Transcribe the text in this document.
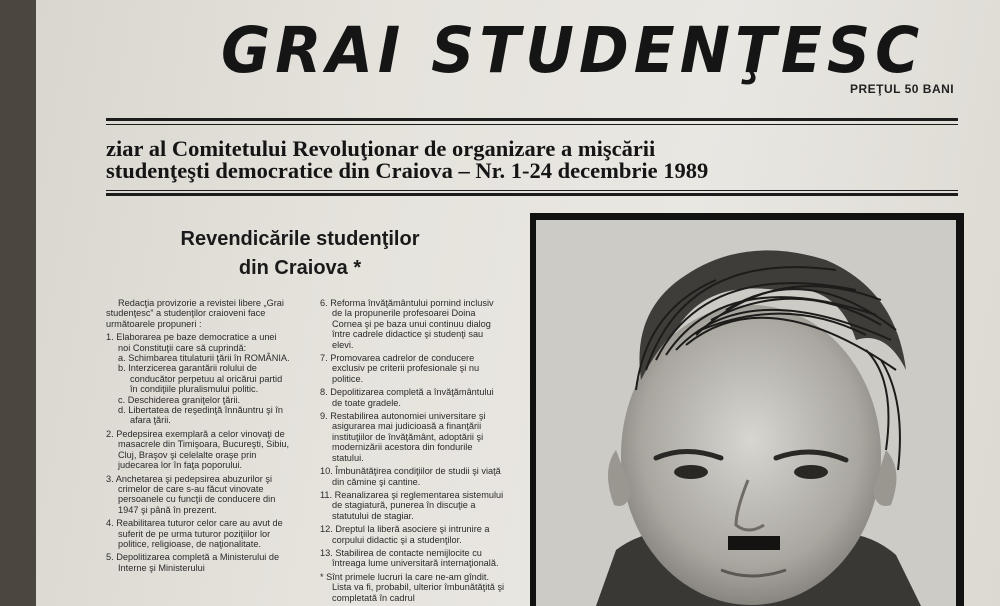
GRAI STUDENŢESC
PREŢUL 50 BANI
ziar al Comitetului Revoluţionar de organizare a mişcării
studenţeşti democratice din Craiova – Nr. 1-24 decembrie 1989
Revendicările studenţilor
din Craiova *

Redacţia provizorie a revistei libere „Grai studenţesc” a studenţilor craioveni face următoarele propuneri :

1. Elaborarea pe baze democratice a unei noi Constituţii care să cuprindă:

a. Schimbarea titulaturii ţării în ROMÂNIA.

b. Interzicerea garantării rolului de conducător perpetuu al oricărui partid în condiţiile pluralismului politic.

c. Deschiderea graniţelor ţării.

d. Libertatea de reşedinţă înnăuntru şi în afara ţării.

2. Pedepsirea exemplară a celor vinovaţi de masacrele din Timişoara, Bucureşti, Sibiu, Cluj, Braşov şi celelalte oraşe prin judecarea lor în faţa poporului.

3. Anchetarea şi pedepsirea abuzurilor şi crimelor de care s-au făcut vinovate persoanele cu funcţii de conducere din 1947 şi până în prezent.

4. Reabilitarea tuturor celor care au avut de suferit de pe urma tuturor poziţiilor lor politice, religioase, de naţionalitate.

5. Depolitizarea completă a Ministerului de Interne şi Ministerului

6. Reforma învăţământului pornind inclusiv de la propunerile profesoarei Doina Cornea şi pe baza unui continuu dialog între cadrele didactice şi studenţi sau elevi.

7. Promovarea cadrelor de conducere exclusiv pe criterii profesionale şi nu politice.

8. Depolitizarea completă a învăţământului de toate gradele.

9. Restabilirea autonomiei universitare şi asigurarea mai judicioasă a finanţării instituţiilor de învăţământ, adoptării şi modernizării acestora din fondurile statului.

10. Îmbunătăţirea condiţiilor de studii şi viaţă din cămine şi cantine.

11. Reanalizarea şi reglementarea sistemului de stagiatură, punerea în discuţie a statutului de stagiar.

12. Dreptul la liberă asociere şi intrunire a corpului didactic şi a studenţilor.

13. Stabilirea de contacte nemijlocite cu întreaga lume universitară internaţională.

* Sînt primele lucruri la care ne-am gîndit. Lista va fi, probabil, ulterior îmbunătăţită şi completată în cadrul
